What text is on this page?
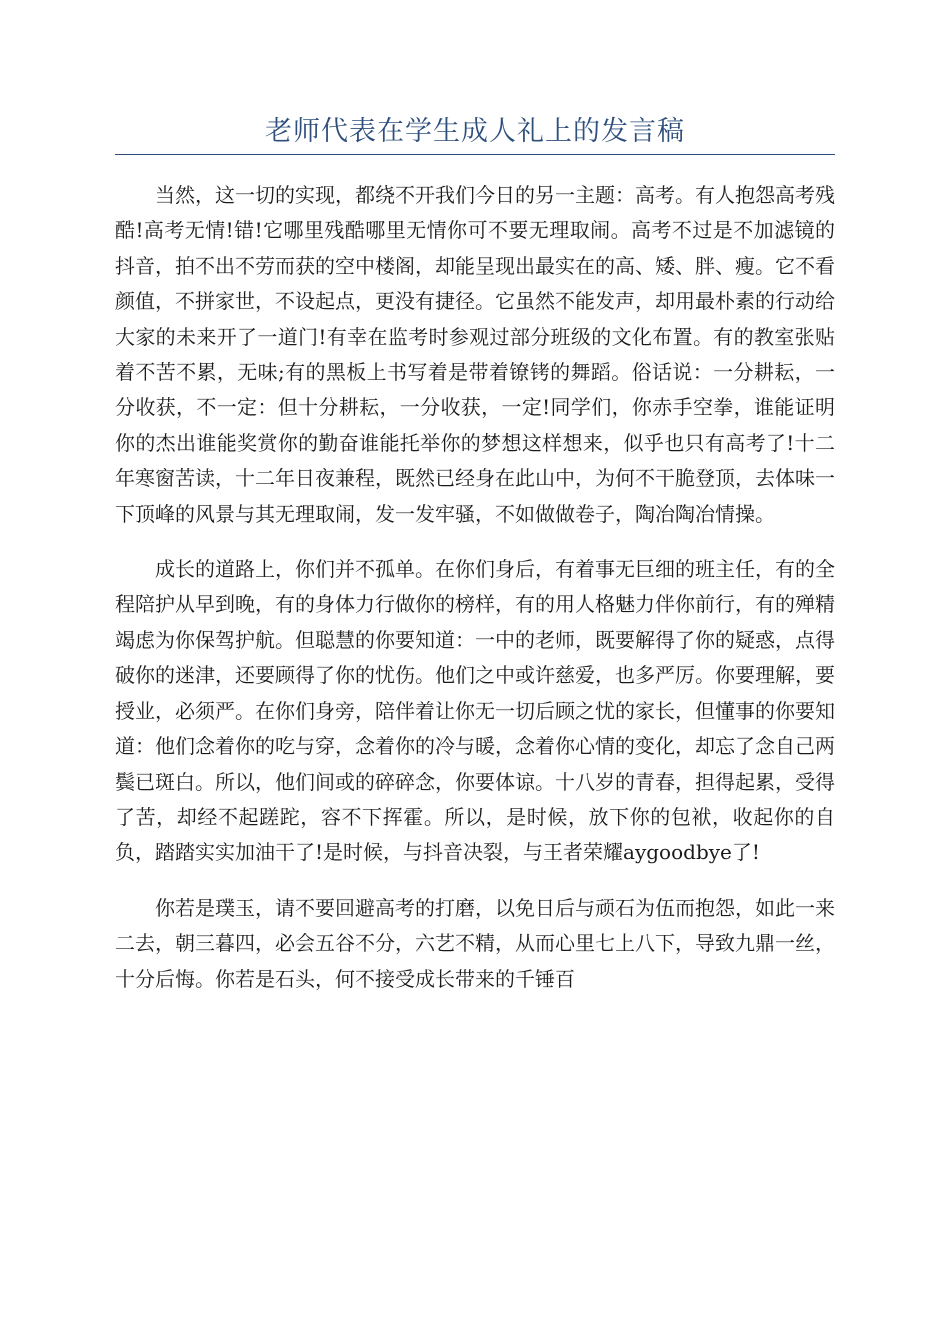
老师代表在学生成人礼上的发言稿

当然，这一切的实现，都绕不开我们今日的另一主题：高考。有人抱怨高考残酷!高考无情!错!它哪里残酷哪里无情你可不要无理取闹。高考不过是不加滤镜的抖音，拍不出不劳而获的空中楼阁，却能呈现出最实在的高、矮、胖、瘦。它不看颜值，不拼家世，不设起点，更没有捷径。它虽然不能发声，却用最朴素的行动给大家的未来开了一道门!有幸在监考时参观过部分班级的文化布置。有的教室张贴着不苦不累，无味;有的黑板上书写着是带着镣铐的舞蹈。俗话说：一分耕耘，一分收获，不一定：但十分耕耘，一分收获，一定!同学们，你赤手空拳，谁能证明你的杰出谁能奖赏你的勤奋谁能托举你的梦想这样想来，似乎也只有高考了!十二年寒窗苦读，十二年日夜兼程，既然已经身在此山中，为何不干脆登顶，去体味一下顶峰的风景与其无理取闹，发一发牢骚，不如做做卷子，陶冶陶冶情操。

成长的道路上，你们并不孤单。在你们身后，有着事无巨细的班主任，有的全程陪护从早到晚，有的身体力行做你的榜样，有的用人格魅力伴你前行，有的殚精竭虑为你保驾护航。但聪慧的你要知道：一中的老师，既要解得了你的疑惑，点得破你的迷津，还要顾得了你的忧伤。他们之中或许慈爱，也多严厉。你要理解，要授业，必须严。在你们身旁，陪伴着让你无一切后顾之忧的家长，但懂事的你要知道：他们念着你的吃与穿，念着你的冷与暖，念着你心情的变化，却忘了念自己两鬓已斑白。所以，他们间或的碎碎念，你要体谅。十八岁的青春，担得起累，受得了苦，却经不起蹉跎，容不下挥霍。所以，是时候，放下你的包袱，收起你的自负，踏踏实实加油干了!是时候，与抖音决裂，与王者荣耀aygoodbye了!

你若是璞玉，请不要回避高考的打磨，以免日后与顽石为伍而抱怨，如此一来二去，朝三暮四，必会五谷不分，六艺不精，从而心里七上八下，导致九鼎一丝，十分后悔。你若是石头，何不接受成长带来的千锤百
